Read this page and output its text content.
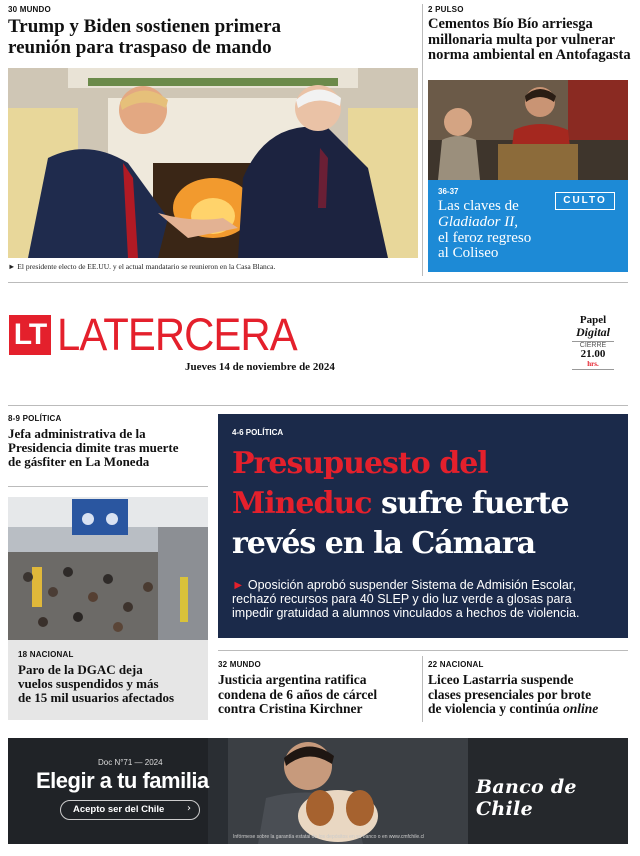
30 MUNDO
Trump y Biden sostienen primera
reunión para traspaso de mando
► El presidente electo de EE.UU. y el actual mandatario se reunieron en la Casa Blanca.
2 PULSO
Cementos Bío Bío arriesga
millonaria multa por vulnerar
norma ambiental en Antofagasta
36-37
Las claves de
Gladiador II,
el feroz regreso
al Coliseo
CULTO
LT LATERCERA
Jueves 14 de noviembre de 2024
Papel
Digital
CIERRE
21.00
hrs.
8-9 POLÍTICA
Jefa administrativa de la
Presidencia dimite tras muerte
de gásfiter en La Moneda
18 NACIONAL
Paro de la DGAC deja
vuelos suspendidos y más
de 15 mil usuarios afectados
4-6 POLÍTICA
Presupuesto del
Mineduc sufre fuerte
revés en la Cámara
► Oposición aprobó suspender Sistema de Admisión Escolar,
rechazó recursos para 40 SLEP y dio luz verde a glosas para
impedir gratuidad a alumnos vinculados a hechos de violencia.
32 MUNDO
Justicia argentina ratifica
condena de 6 años de cárcel
contra Cristina Kirchner
22 NACIONAL
Liceo Lastarria suspende
clases presenciales por brote
de violencia y continúa online
Doc N°71 — 2024
Elegir a tu familia
Acepto ser del Chile ›
Banco de Chile
Infórmese sobre la garantía estatal de los depósitos en su banco o en www.cmfchile.cl
